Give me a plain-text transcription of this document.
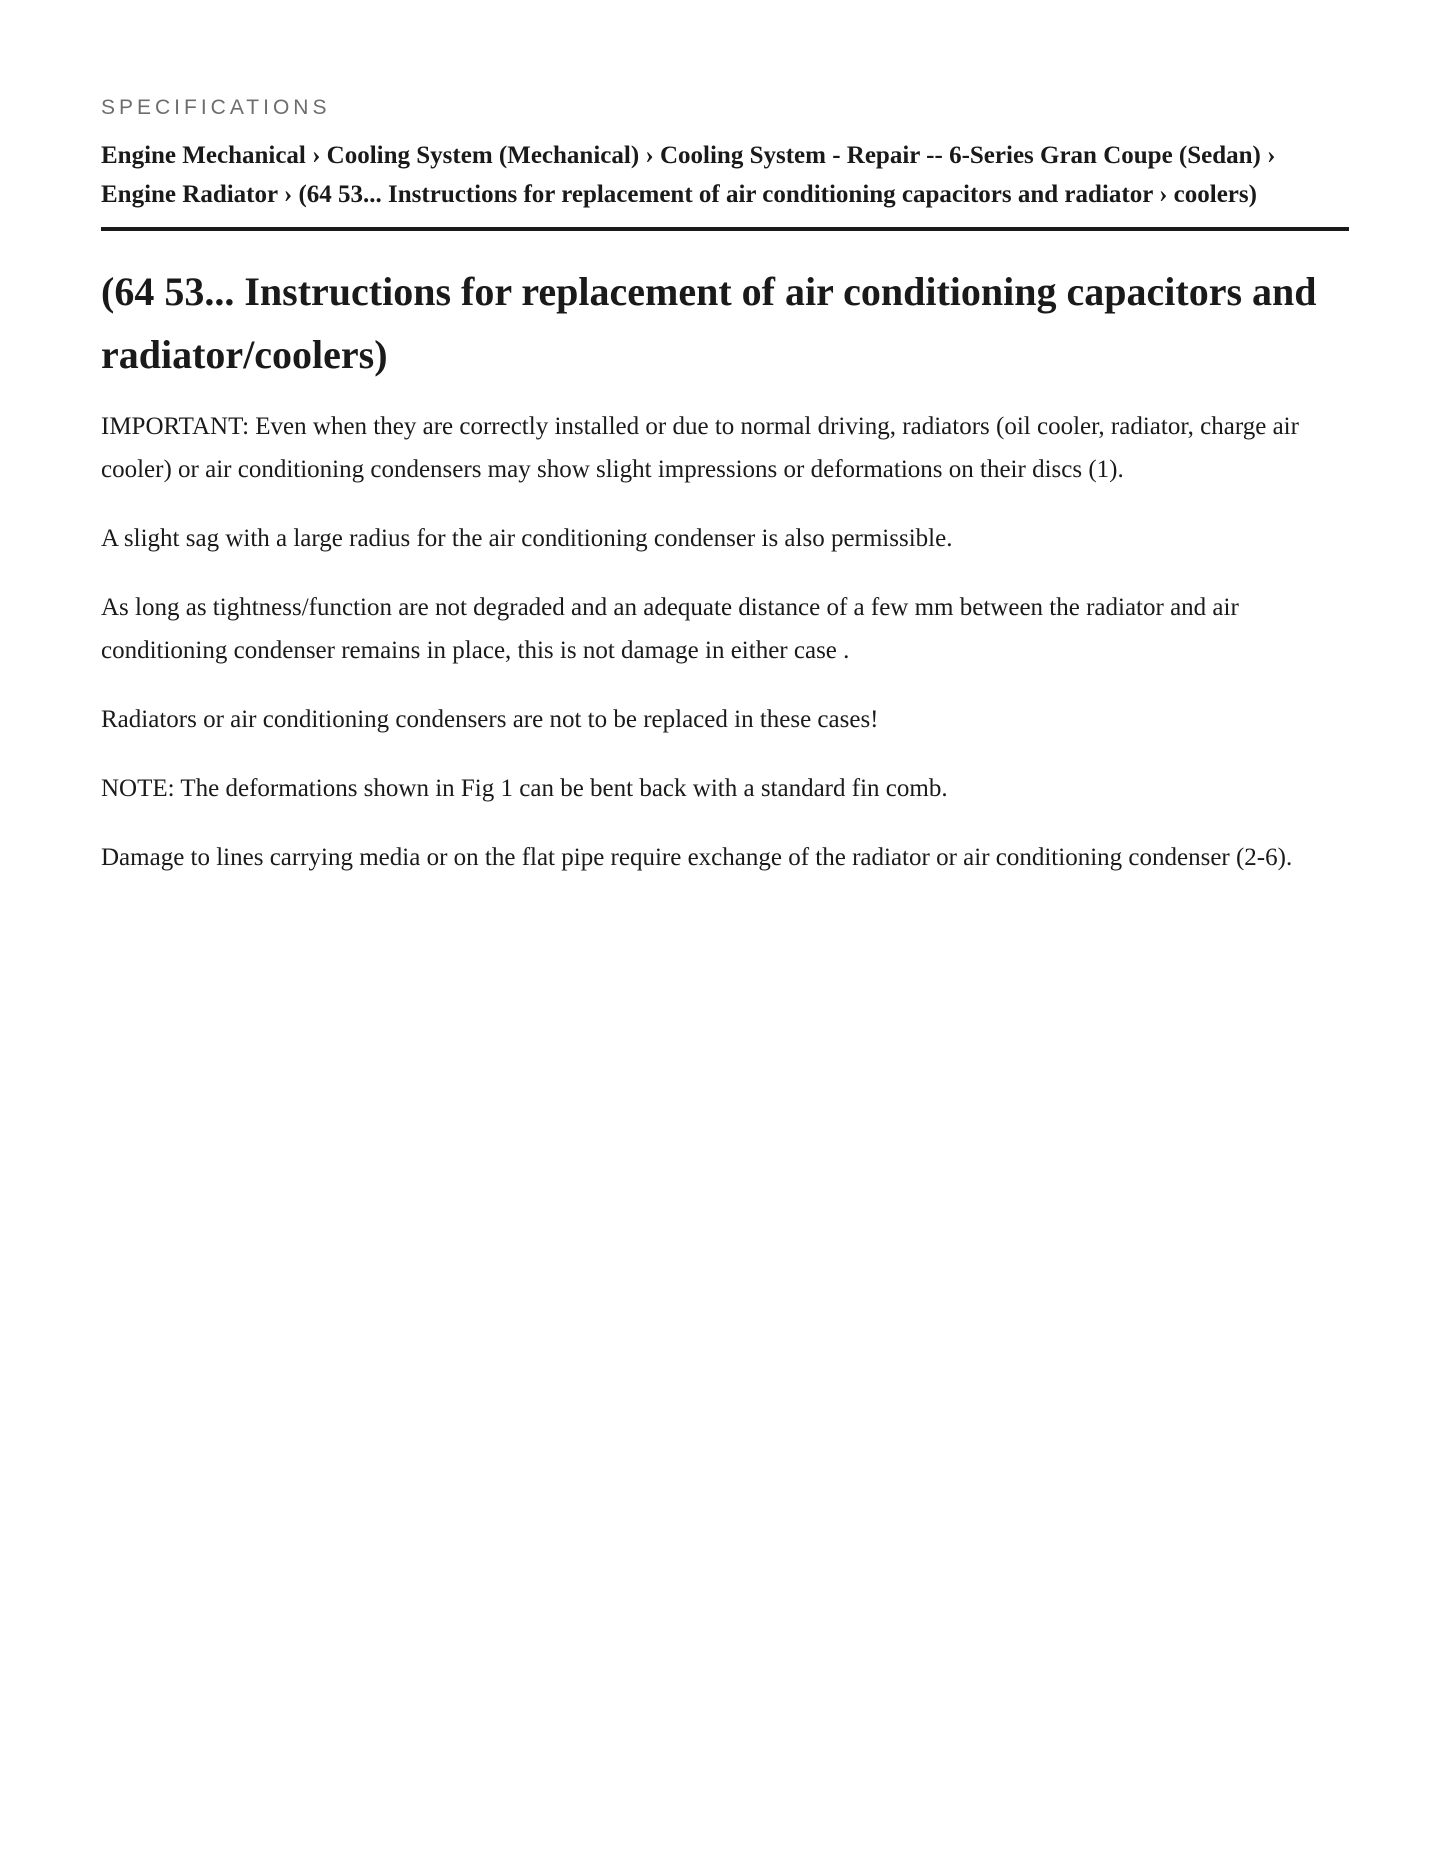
SPECIFICATIONS
Engine Mechanical › Cooling System (Mechanical) › Cooling System - Repair -- 6-Series Gran Coupe (Sedan) › Engine Radiator › (64 53... Instructions for replacement of air conditioning capacitors and radiator › coolers)
(64 53... Instructions for replacement of air conditioning capacitors and radiator/coolers)

IMPORTANT: Even when they are correctly installed or due to normal driving, radiators (oil cooler, radiator, charge air cooler) or air conditioning condensers may show slight impressions or deformations on their discs (1).

A slight sag with a large radius for the air conditioning condenser is also permissible.

As long as tightness/function are not degraded and an adequate distance of a few mm between the radiator and air conditioning condenser remains in place, this is not damage in either case .

Radiators or air conditioning condensers are not to be replaced in these cases!

NOTE: The deformations shown in Fig 1 can be bent back with a standard fin comb.

Damage to lines carrying media or on the flat pipe require exchange of the radiator or air conditioning condenser (2-6).
